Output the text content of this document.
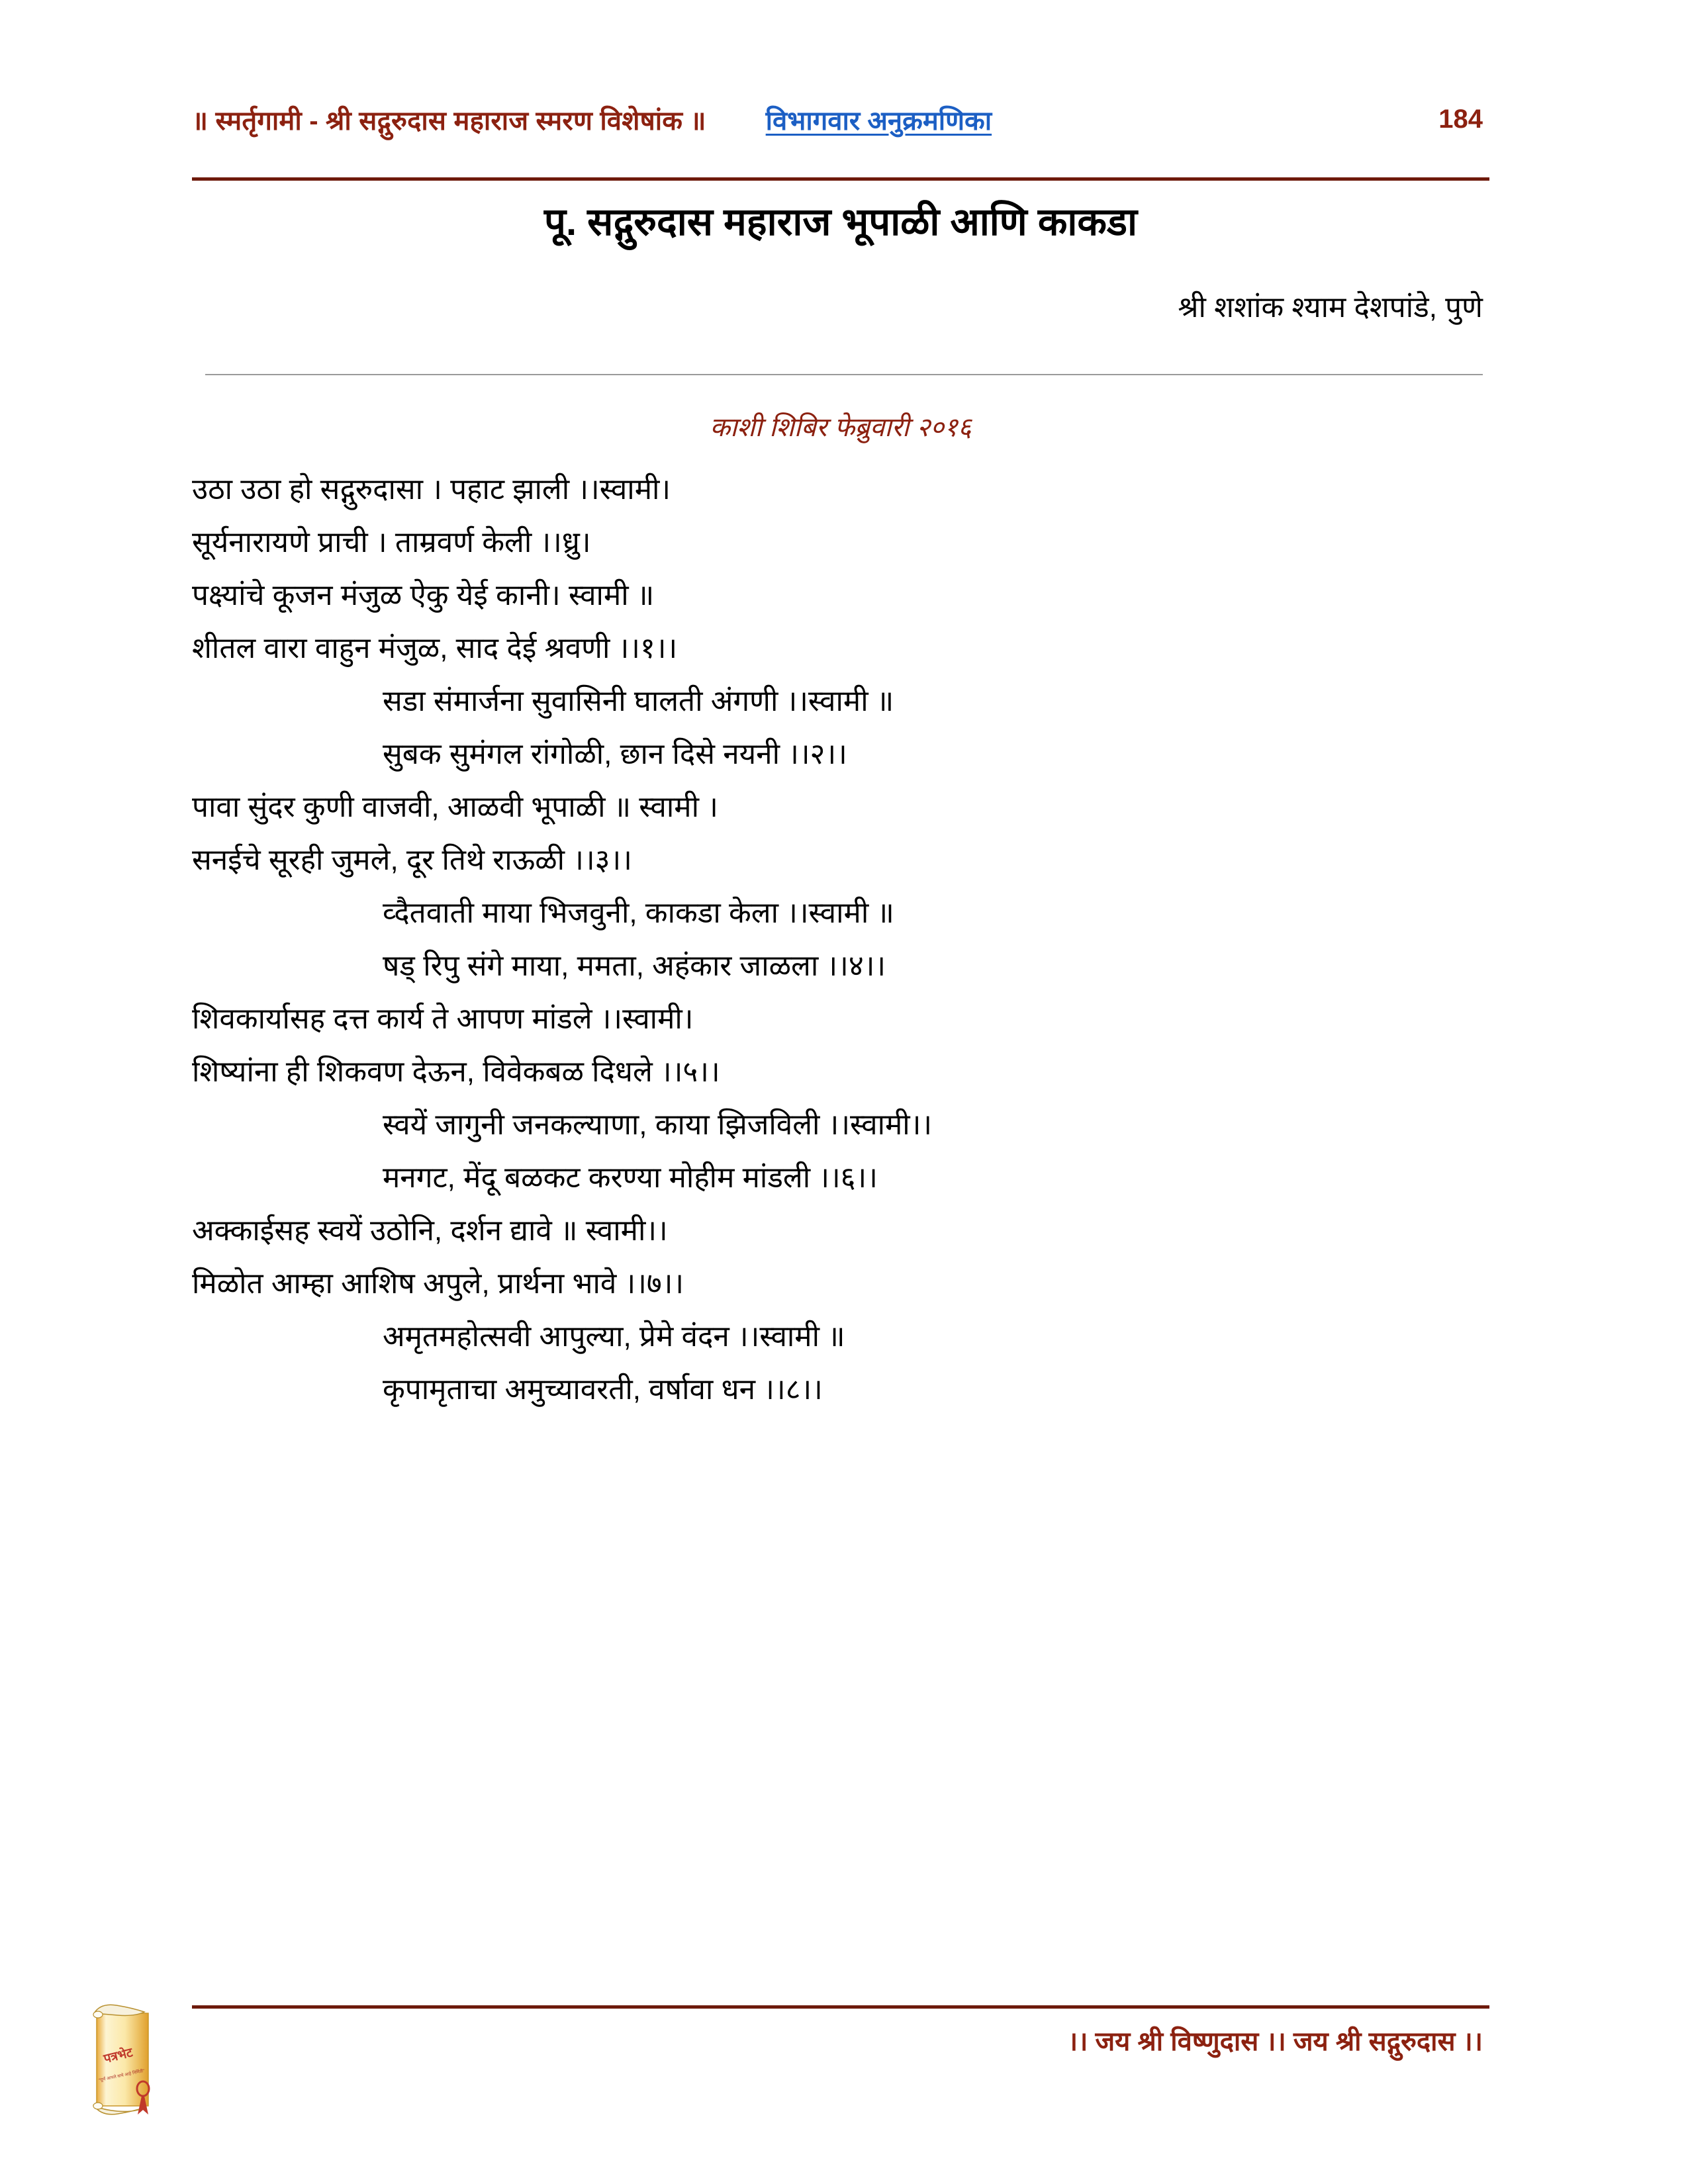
॥ स्मर्तृगामी - श्री सद्गुरुदास महाराज स्मरण विशेषांक ॥ विभागवार अनुक्रमणिका	184
पू. सद्गुरुदास महाराज भूपाळी आणि काकडा
श्री शशांक श्याम देशपांडे, पुणे
काशी शिबिर फेब्रुवारी २०१६
उठा उठा हो सद्गुरुदासा । पहाट झाली ।।स्वामी।
सूर्यनारायणे प्राची । ताम्रवर्ण केली ।।ध्रु।
पक्ष्यांचे कूजन मंजुळ ऐकु येई कानी। स्वामी ॥
शीतल वारा वाहुन मंजुळ, साद देई श्रवणी ।।१।।
सडा संमार्जना सुवासिनी घालती अंगणी ।।स्वामी ॥
सुबक सुमंगल रांगोळी, छान दिसे नयनी ।।२।।
पावा सुंदर कुणी वाजवी, आळवी भूपाळी ॥ स्वामी ।
सनईचे सूरही जुमले, दूर तिथे राऊळी ।।३।।
व्दैतवाती माया भिजवुनी, काकडा केला ।।स्वामी ॥
षड् रिपु संगे माया, ममता, अहंकार जाळला ।।४।।
शिवकार्यासह दत्त कार्य ते आपण मांडले ।।स्वामी।
शिष्यांना ही शिकवण देऊन, विवेकबळ दिधले ।।५।।
स्वयें जागुनी जनकल्याणा, काया झिजविली ।।स्वामी।।
मनगट, मेंदू बळकट करण्या मोहीम मांडली ।।६।।
अक्काईसह स्वयें उठोनि, दर्शन द्यावे ॥ स्वामी।।
मिळोत आम्हा आशिष अपुले, प्रार्थना भावे ।।७।।
अमृतमहोत्सवी आपुल्या, प्रेमे वंदन ।।स्वामी ॥
कृपामृताचा अमुच्यावरती, वर्षावा धन ।।८।।
।। जय श्री विष्णुदास ।। जय श्री सद्गुरुदास ।।
पत्रभेट
"पूर्ण आपले वाचे आहे निर्मिती"
